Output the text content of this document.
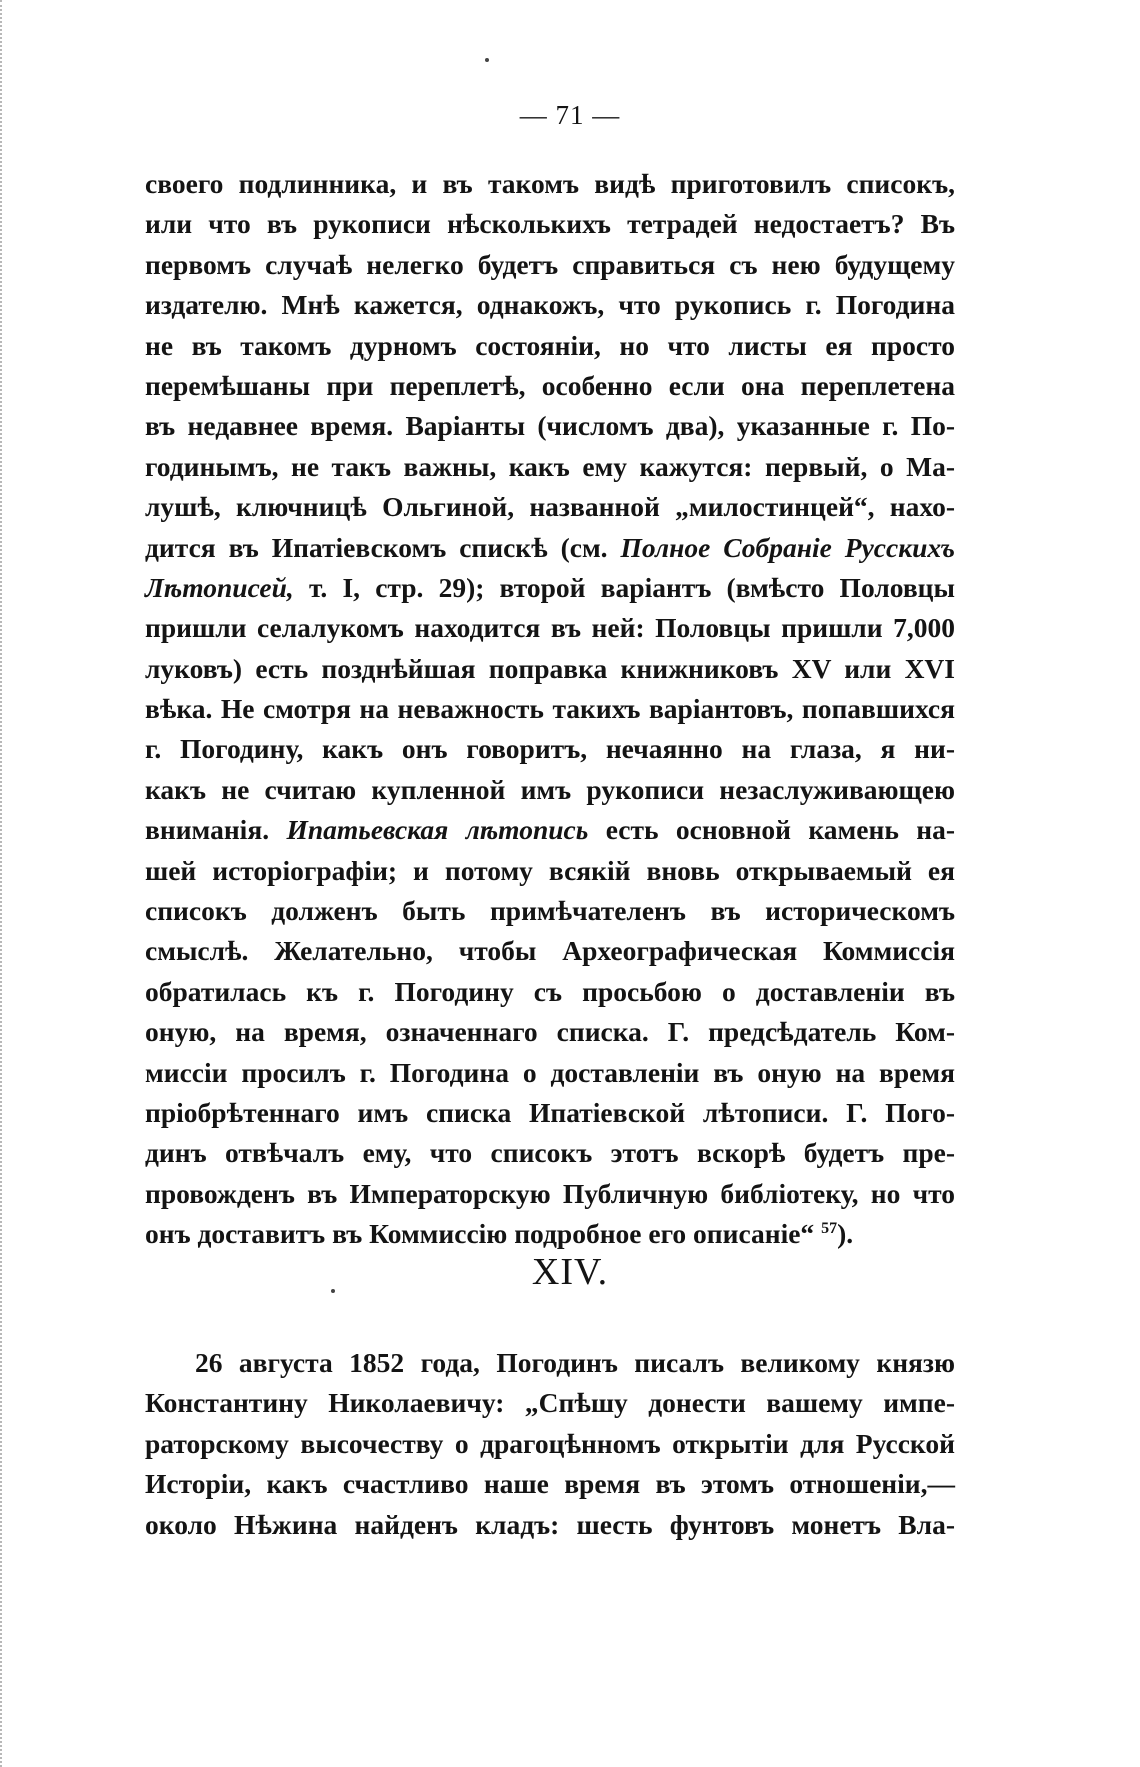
— 71 —
своего подлинника, и въ такомъ видѣ приготовилъ списокъ,
или что въ рукописи нѣсколькихъ тетрадей недостаетъ? Въ
первомъ случаѣ нелегко будетъ справиться съ нею будущему
издателю. Мнѣ кажется, однакожъ, что рукопись г. Погодина
не въ такомъ дурномъ состояніи, но что листы ея просто
перемѣшаны при переплетѣ, особенно если она переплетена
въ недавнее время. Варіанты (числомъ два), указанные г. По-
годинымъ, не такъ важны, какъ ему кажутся: первый, о Ма-
лушѣ, ключницѣ Ольгиной, названной „милостинцей“, нахо-
дится въ Ипатіевскомъ спискѣ (см. Полное Собраніе Русскихъ
Лѣтописей, т. I, стр. 29); второй варіантъ (вмѣсто Половцы
пришли селалукомъ находится въ ней: Половцы пришли 7,000
луковъ) есть позднѣйшая поправка книжниковъ XV или XVI
вѣка. Не смотря на неважность такихъ варіантовъ, попавшихся
г. Погодину, какъ онъ говоритъ, нечаянно на глаза, я ни-
какъ не считаю купленной имъ рукописи незаслуживающею
вниманія. Ипатьевская лѣтопись есть основной камень на-
шей исторіографіи; и потому всякій вновь открываемый ея
списокъ долженъ быть примѣчателенъ въ историческомъ
смыслѣ. Желательно, чтобы Археографическая Коммиссія
обратилась къ г. Погодину съ просьбою о доставленіи въ
оную, на время, означеннаго списка. Г. предсѣдатель Ком-
миссіи просилъ г. Погодина о доставленіи въ оную на время
пріобрѣтеннаго имъ списка Ипатіевской лѣтописи. Г. Пого-
динъ отвѣчалъ ему, что списокъ этотъ вскорѣ будетъ пре-
провожденъ въ Императорскую Публичную библіотеку, но что
онъ доставитъ въ Коммиссію подробное его описаніе“ $^{57}$).
XIV.
26 августа 1852 года, Погодинъ писалъ великому князю
Константину Николаевичу: „Спѣшу донести вашему импе-
раторскому высочеству о драгоцѣнномъ открытіи для Русской
Исторіи, какъ счастливо наше время въ этомъ отношеніи,—
около Нѣжина найденъ кладъ: шесть фунтовъ монетъ Вла-
